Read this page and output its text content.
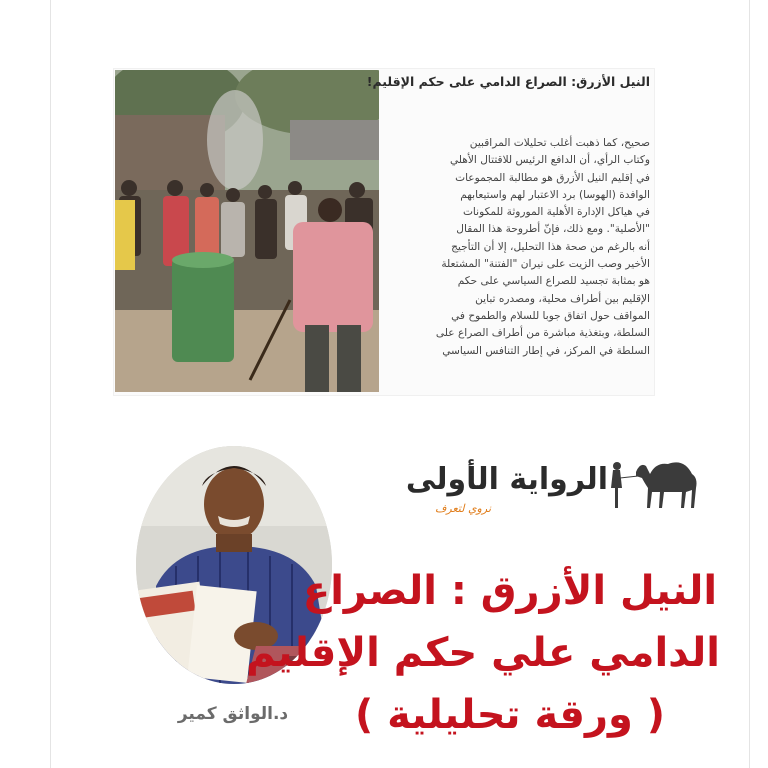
النيل الأزرق: الصراع الدامي على حكم الإقليم!

صحيح، كما ذهبت أغلب تحليلات المراقبين
وكتاب الرأي، أن الدافع الرئيس للاقتتال الأهلي
في إقليم النيل الأزرق هو مطالبة المجموعات
الوافدة (الهوسا) برد الاعتبار لهم واستيعابهم
في هياكل الإدارة الأهلية الموروثة للمكونات
"الأصلية". ومع ذلك، فإنّ أطروحة هذا المقال
أنه بالرغم من صحة هذا التحليل، إلا أن التأجيج
الأخير وصب الزيت على نيران "الفتنة" المشتعلة
هو بمثابة تجسيد للصراع السياسي على حكم
الإقليم بين أطراف محلية، ومصدره تباين
المواقف حول اتفاق جوبا للسلام والطموح في
السلطة، وبتغذية مباشرة من أطراف الصراع على
السلطة في المركز، في إطار التنافس السياسي

د.الواثق كمير
الرواية الأولى
نروي لتعرف
النيل الأزرق : الصراع
الدامي علي حكم الإقليم
( ورقة تحليلية )
